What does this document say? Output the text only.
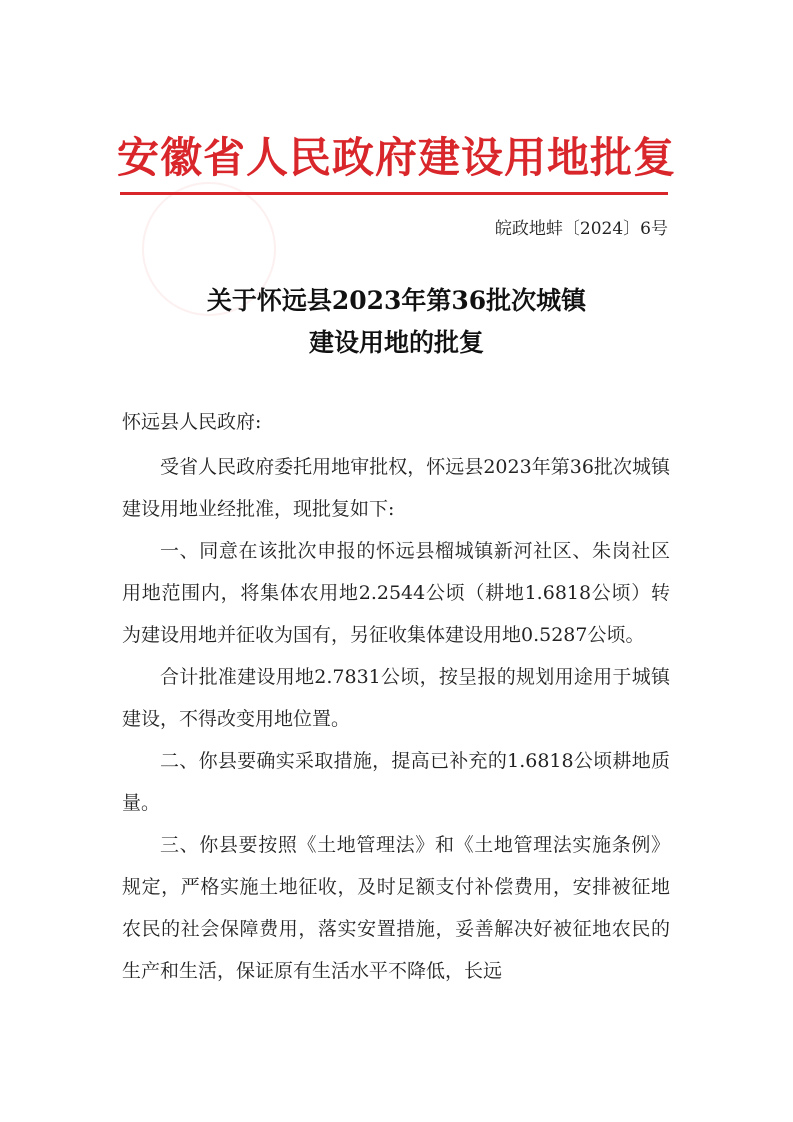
安徽省人民政府建设用地批复
皖政地蚌〔2024〕6号
关于怀远县2023年第36批次城镇
建设用地的批复
怀远县人民政府:

受省人民政府委托用地审批权，怀远县2023年第36批次城镇建设用地业经批准，现批复如下:

一、同意在该批次申报的怀远县榴城镇新河社区、朱岗社区用地范围内，将集体农用地2.2544公顷（耕地1.6818公顷）转为建设用地并征收为国有，另征收集体建设用地0.5287公顷。

合计批准建设用地2.7831公顷，按呈报的规划用途用于城镇建设，不得改变用地位置。

二、你县要确实采取措施，提高已补充的1.6818公顷耕地质量。

三、你县要按照《土地管理法》和《土地管理法实施条例》规定，严格实施土地征收，及时足额支付补偿费用，安排被征地农民的社会保障费用，落实安置措施，妥善解决好被征地农民的生产和生活，保证原有生活水平不降低，长远
